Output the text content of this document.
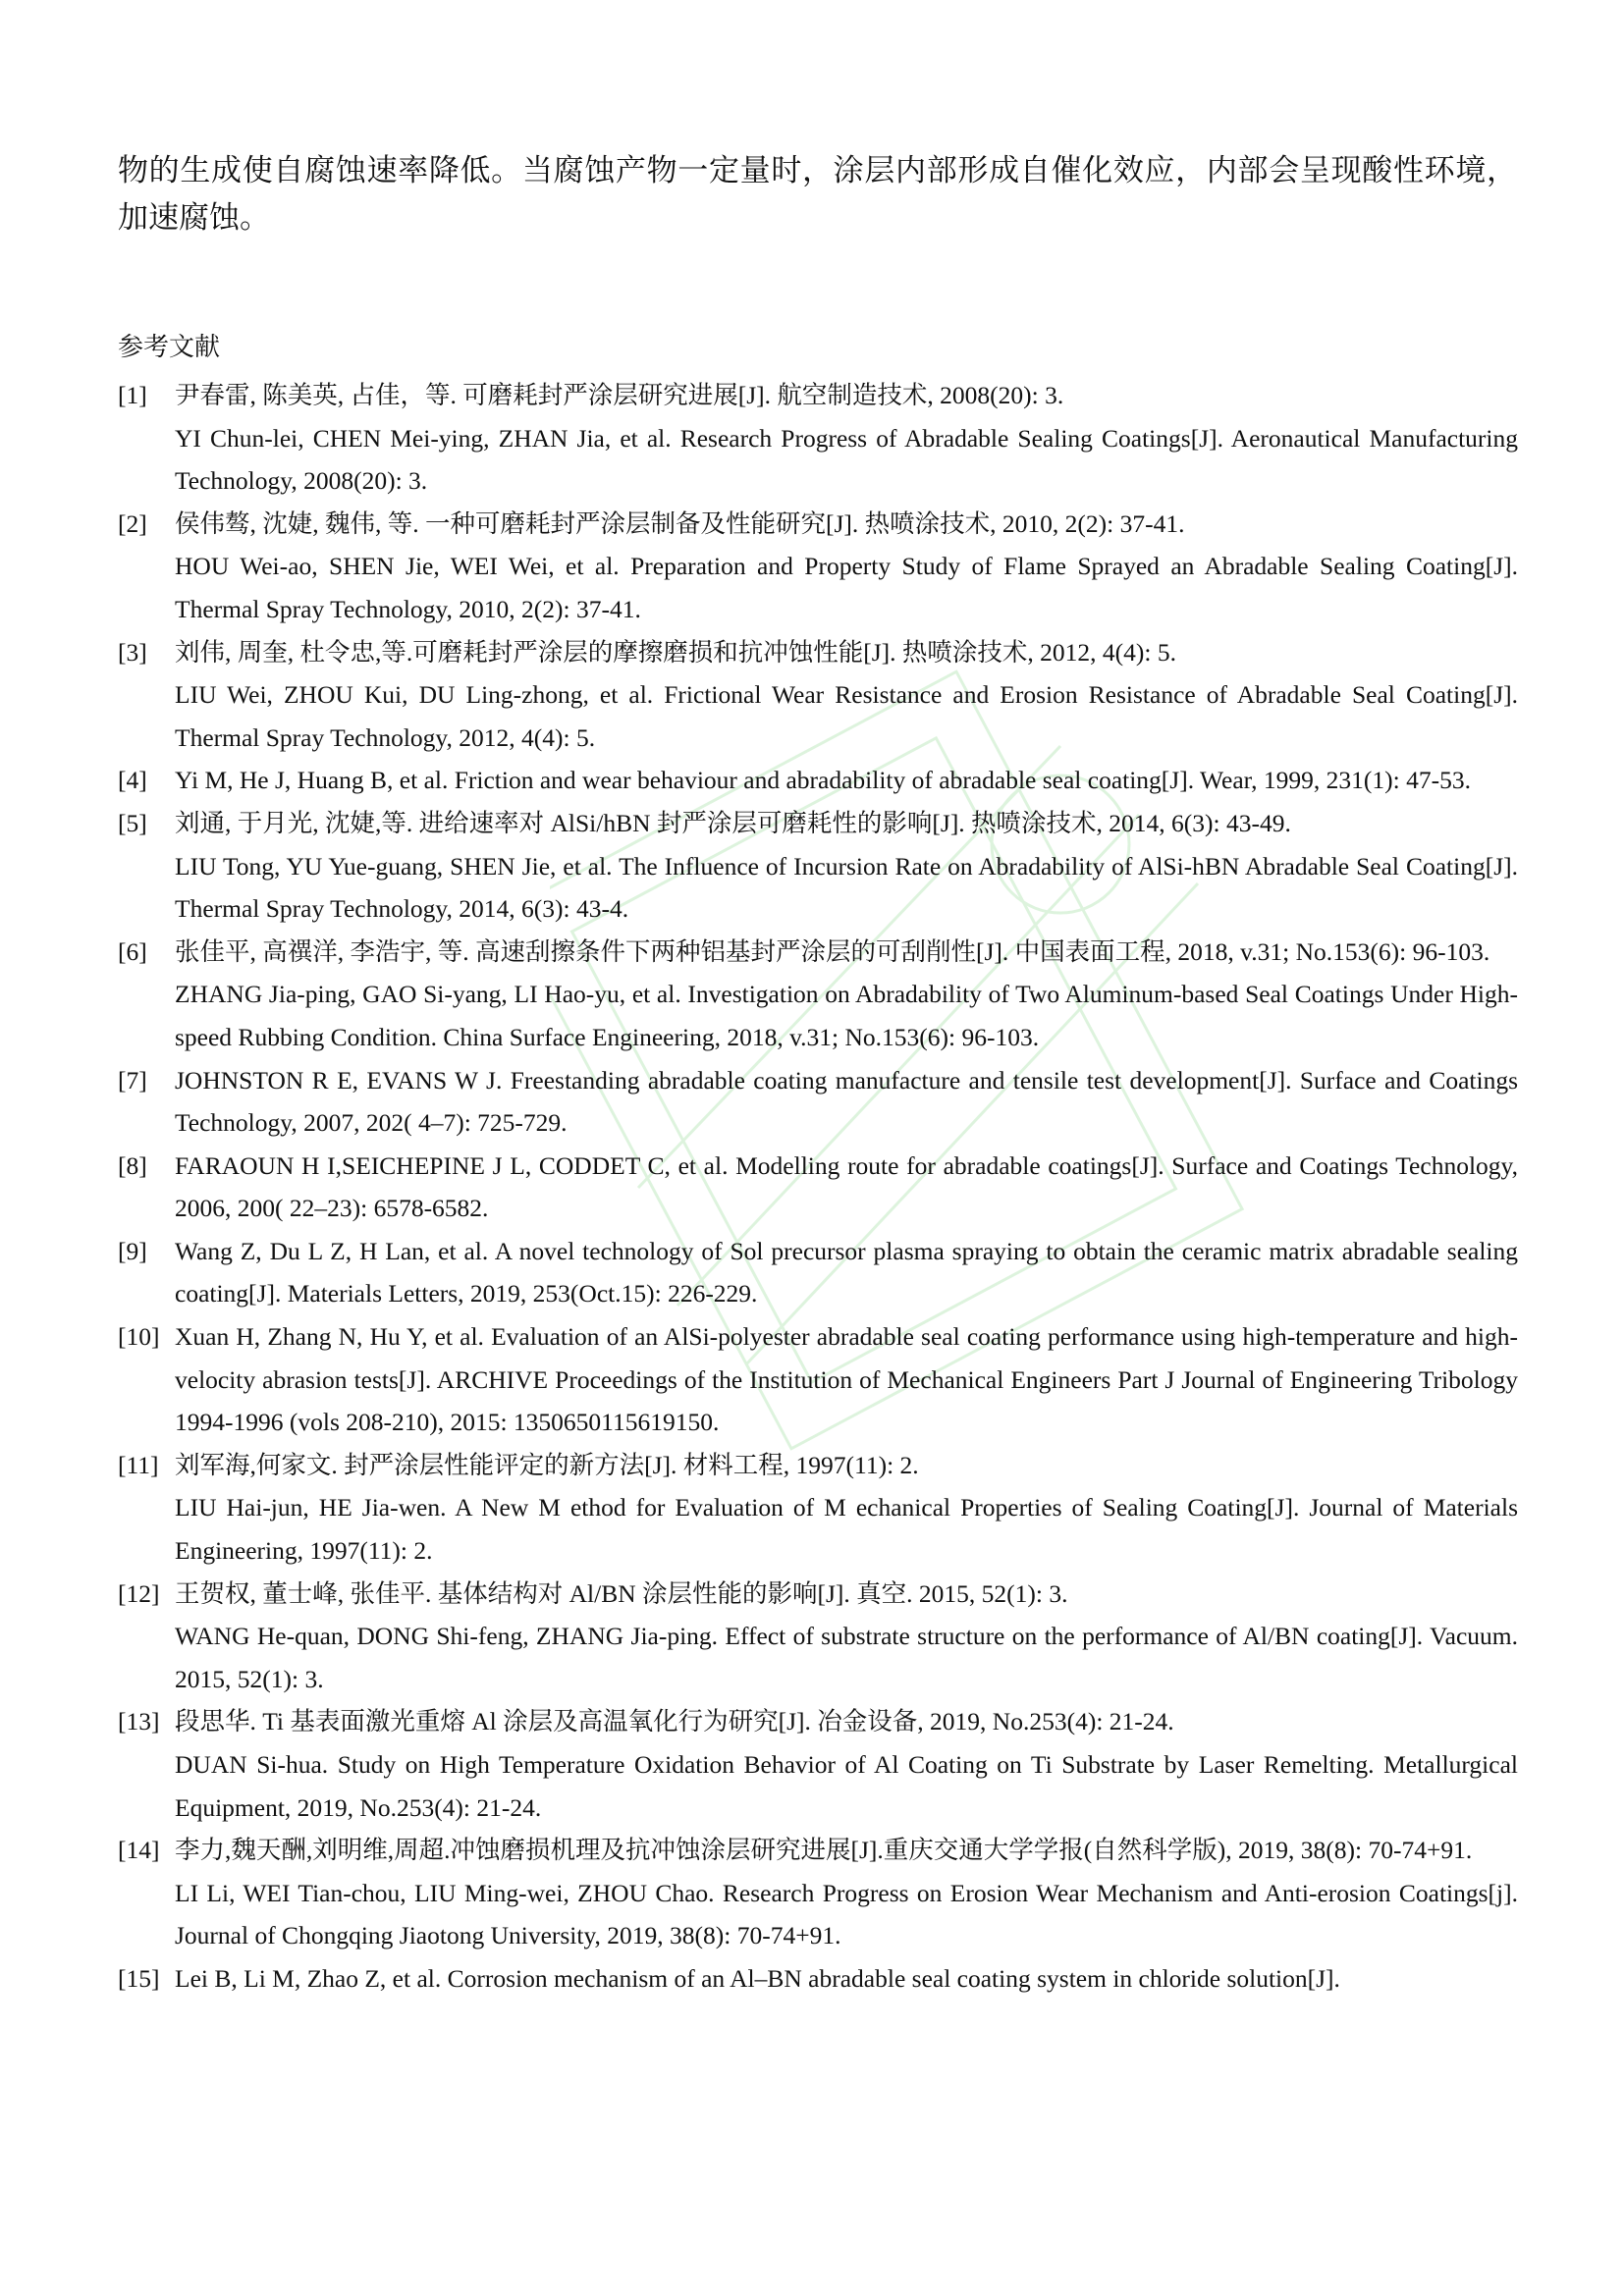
物的生成使自腐蚀速率降低。当腐蚀产物一定量时，涂层内部形成自催化效应，内部会呈现酸性环境，加速腐蚀。

参考文献
[1]	尹春雷, 陈美英, 占佳，等. 可磨耗封严涂层研究进展[J]. 航空制造技术, 2008(20): 3.
YI Chun-lei, CHEN Mei-ying, ZHAN Jia, et al. Research Progress of Abradable Sealing Coatings[J]. Aeronautical Manufacturing Technology, 2008(20): 3.
[2]	侯伟骜, 沈婕, 魏伟, 等. 一种可磨耗封严涂层制备及性能研究[J]. 热喷涂技术, 2010, 2(2): 37-41.
HOU Wei-ao, SHEN Jie, WEI Wei, et al. Preparation and Property Study of Flame Sprayed an Abradable Sealing Coating[J]. Thermal Spray Technology, 2010, 2(2): 37-41.
[3]	刘伟, 周奎, 杜令忠,等.可磨耗封严涂层的摩擦磨损和抗冲蚀性能[J]. 热喷涂技术, 2012, 4(4): 5.
LIU Wei, ZHOU Kui, DU Ling-zhong, et al. Frictional Wear Resistance and Erosion Resistance of Abradable Seal Coating[J]. Thermal Spray Technology, 2012, 4(4): 5.
[4]	Yi M, He J, Huang B, et al. Friction and wear behaviour and abradability of abradable seal coating[J]. Wear, 1999, 231(1): 47-53.
[5]	刘通, 于月光, 沈婕,等. 进给速率对 AlSi/hBN 封严涂层可磨耗性的影响[J]. 热喷涂技术, 2014, 6(3): 43-49.
LIU Tong, YU Yue-guang, SHEN Jie, et al. The Influence of Incursion Rate on Abradability of AlSi-hBN Abradable Seal Coating[J]. Thermal Spray Technology, 2014, 6(3): 43-4.
[6]	张佳平, 高禩洋, 李浩宇, 等. 高速刮擦条件下两种铝基封严涂层的可刮削性[J]. 中国表面工程, 2018, v.31; No.153(6): 96-103.
ZHANG Jia-ping, GAO Si-yang, LI Hao-yu, et al. Investigation on Abradability of Two Aluminum-based Seal Coatings Under High-speed Rubbing Condition. China Surface Engineering, 2018, v.31; No.153(6): 96-103.
[7]	JOHNSTON R E, EVANS W J. Freestanding abradable coating manufacture and tensile test development[J]. Surface and Coatings Technology, 2007, 202( 4–7): 725-729.
[8]	FARAOUN H I,SEICHEPINE J L, CODDET C, et al. Modelling route for abradable coatings[J]. Surface and Coatings Technology, 2006, 200( 22–23): 6578-6582.
[9]	Wang Z, Du L Z, H Lan, et al. A novel technology of Sol precursor plasma spraying to obtain the ceramic matrix abradable sealing coating[J]. Materials Letters, 2019, 253(Oct.15): 226-229.
[10] Xuan H, Zhang N, Hu Y, et al. Evaluation of an AlSi-polyester abradable seal coating performance using high-temperature and high-velocity abrasion tests[J]. ARCHIVE Proceedings of the Institution of Mechanical Engineers Part J Journal of Engineering Tribology 1994-1996 (vols 208-210), 2015: 1350650115619150.
[11] 刘军海,何家文. 封严涂层性能评定的新方法[J]. 材料工程, 1997(11): 2.
LIU Hai-jun, HE Jia-wen. A New M ethod for Evaluation of M echanical Properties of Sealing Coating[J]. Journal of Materials Engineering, 1997(11): 2.
[12] 王贺权, 董士峰, 张佳平. 基体结构对 Al/BN 涂层性能的影响[J]. 真空. 2015, 52(1): 3.
WANG He-quan, DONG Shi-feng, ZHANG Jia-ping. Effect of substrate structure on the performance of Al/BN coating[J]. Vacuum. 2015, 52(1): 3.
[13] 段思华. Ti 基表面激光重熔 Al 涂层及高温氧化行为研究[J]. 冶金设备, 2019, No.253(4): 21-24.
DUAN Si-hua. Study on High Temperature Oxidation Behavior of Al Coating on Ti Substrate by Laser Remelting. Metallurgical Equipment, 2019, No.253(4): 21-24.
[14] 李力,魏天酬,刘明维,周超.冲蚀磨损机理及抗冲蚀涂层研究进展[J].重庆交通大学学报(自然科学版), 2019, 38(8): 70-74+91.
LI Li, WEI Tian-chou, LIU Ming-wei, ZHOU Chao. Research Progress on Erosion Wear Mechanism and Anti-erosion Coatings[j]. Journal of Chongqing Jiaotong University, 2019, 38(8): 70-74+91.
[15] Lei B, Li M, Zhao Z, et al. Corrosion mechanism of an Al–BN abradable seal coating system in chloride solution[J].
